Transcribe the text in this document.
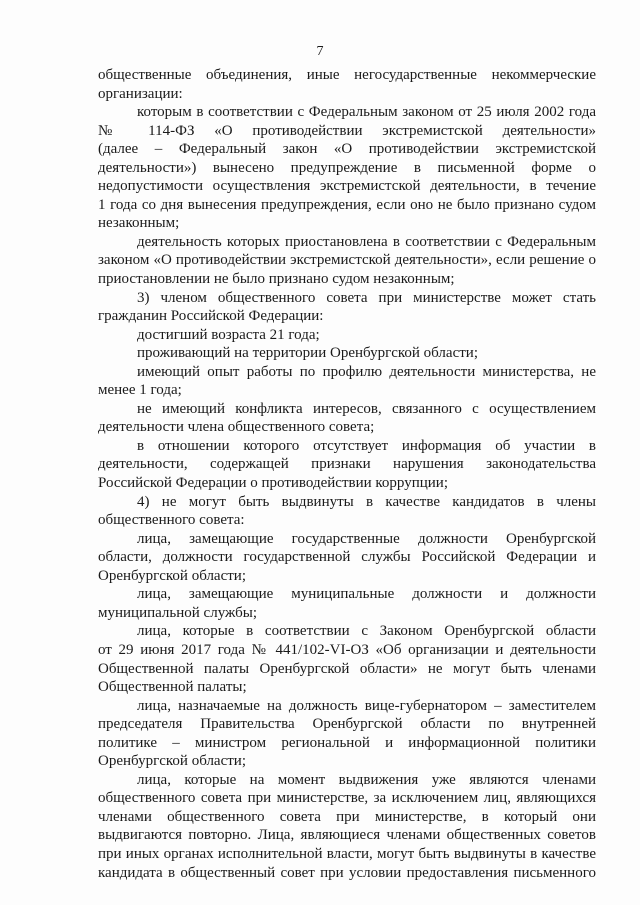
7
общественные объединения, иные негосударственные некоммерческие
организации:
которым в соответствии с Федеральным законом от 25 июля 2002 года
№ 114-ФЗ «О противодействии экстремистской деятельности»
(далее – Федеральный закон «О противодействии экстремистской
деятельности») вынесено предупреждение в письменной форме о
недопустимости осуществления экстремистской деятельности, в течение
1 года со дня вынесения предупреждения, если оно не было признано судом
незаконным;
деятельность которых приостановлена в соответствии с Федеральным
законом «О противодействии экстремистской деятельности», если решение о
приостановлении не было признано судом незаконным;
3) членом общественного совета при министерстве может стать
гражданин Российской Федерации:
достигший возраста 21 года;
проживающий на территории Оренбургской области;
имеющий опыт работы по профилю деятельности министерства, не
менее 1 года;
не имеющий конфликта интересов, связанного с осуществлением
деятельности члена общественного совета;
в отношении которого отсутствует информация об участии в
деятельности, содержащей признаки нарушения законодательства
Российской Федерации о противодействии коррупции;
4) не могут быть выдвинуты в качестве кандидатов в члены
общественного совета:
лица, замещающие государственные должности Оренбургской
области, должности государственной службы Российской Федерации и
Оренбургской области;
лица, замещающие муниципальные должности и должности
муниципальной службы;
лица, которые в соответствии с Законом Оренбургской области
от 29 июня 2017 года № 441/102-VI-ОЗ «Об организации и деятельности
Общественной палаты Оренбургской области» не могут быть членами
Общественной палаты;
лица, назначаемые на должность вице-губернатором – заместителем
председателя Правительства Оренбургской области по внутренней
политике – министром региональной и информационной политики
Оренбургской области;
лица, которые на момент выдвижения уже являются членами
общественного совета при министерстве, за исключением лиц, являющихся
членами общественного совета при министерстве, в который они
выдвигаются повторно. Лица, являющиеся членами общественных советов
при иных органах исполнительной власти, могут быть выдвинуты в качестве
кандидата в общественный совет при условии предоставления письменного
